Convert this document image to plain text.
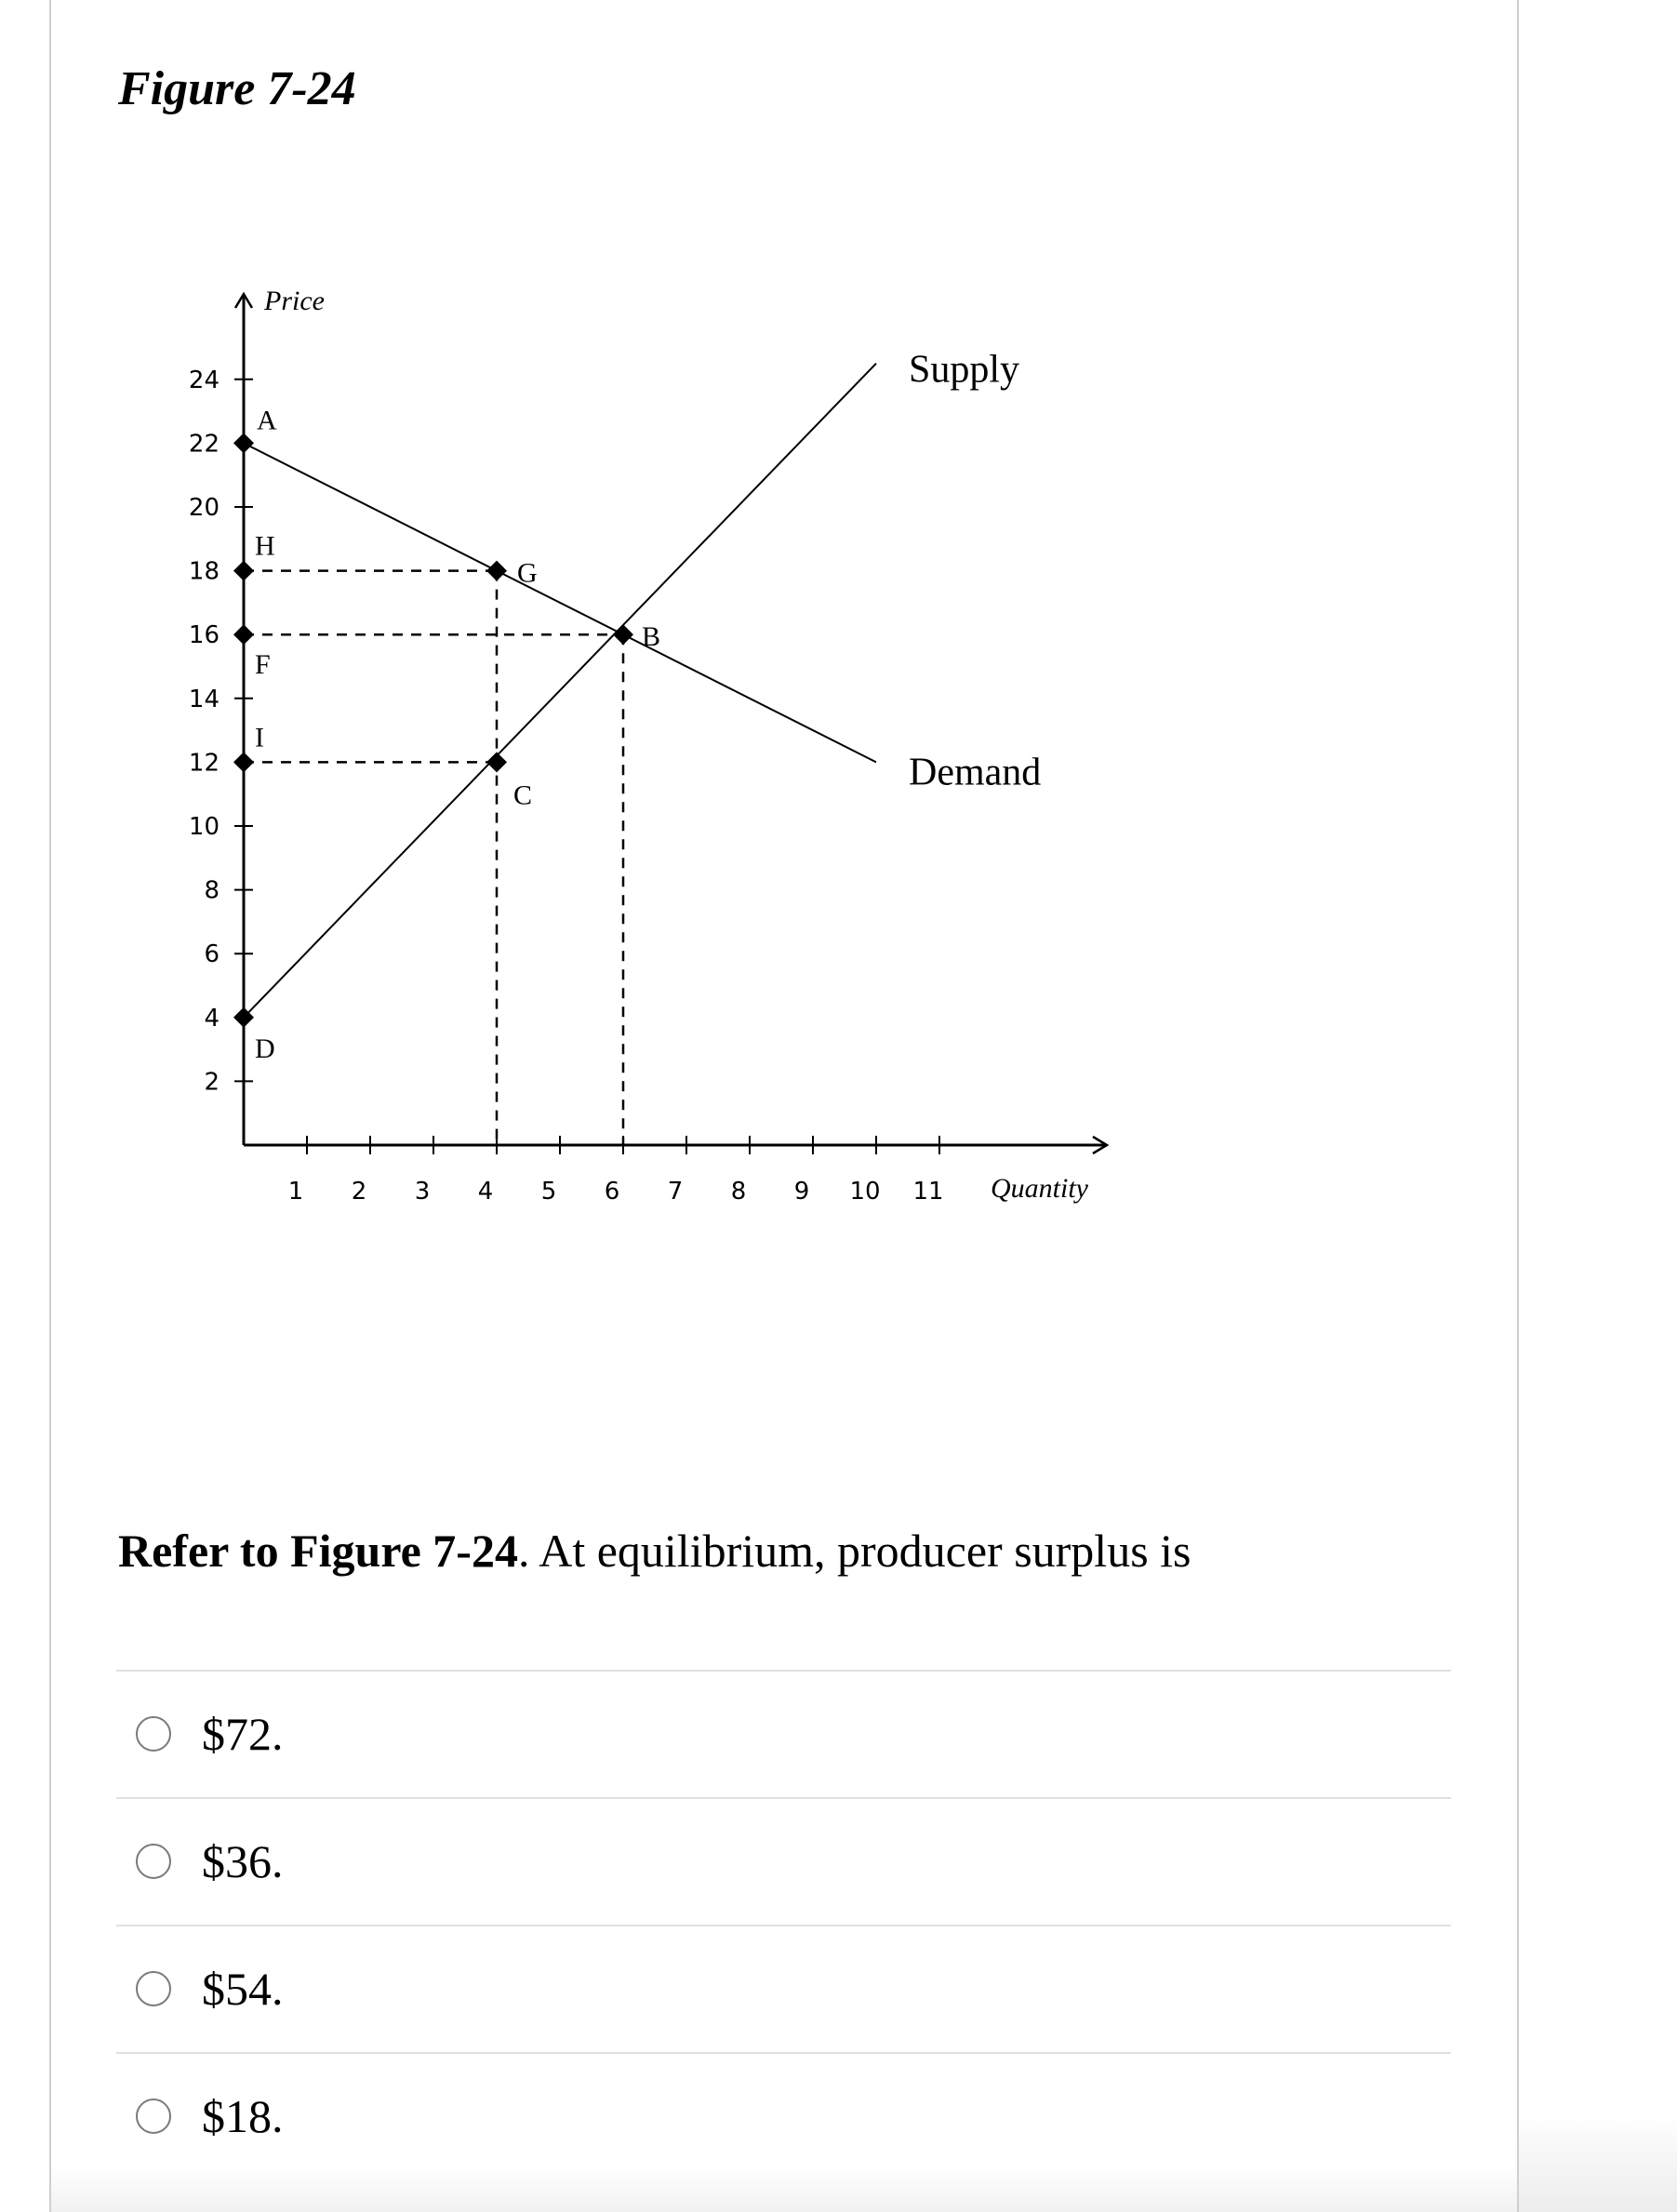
Figure 7-24
Price
Quantity
2
4
6
8
10
12
14
16
18
20
22
24
1 2 3 4 5 6 7 8 9 10 11
Supply
Demand
A
H
F
I
D
G
B
C
Refer to Figure 7-24. At equilibrium, producer surplus is
$72.
$36.
$54.
$18.
